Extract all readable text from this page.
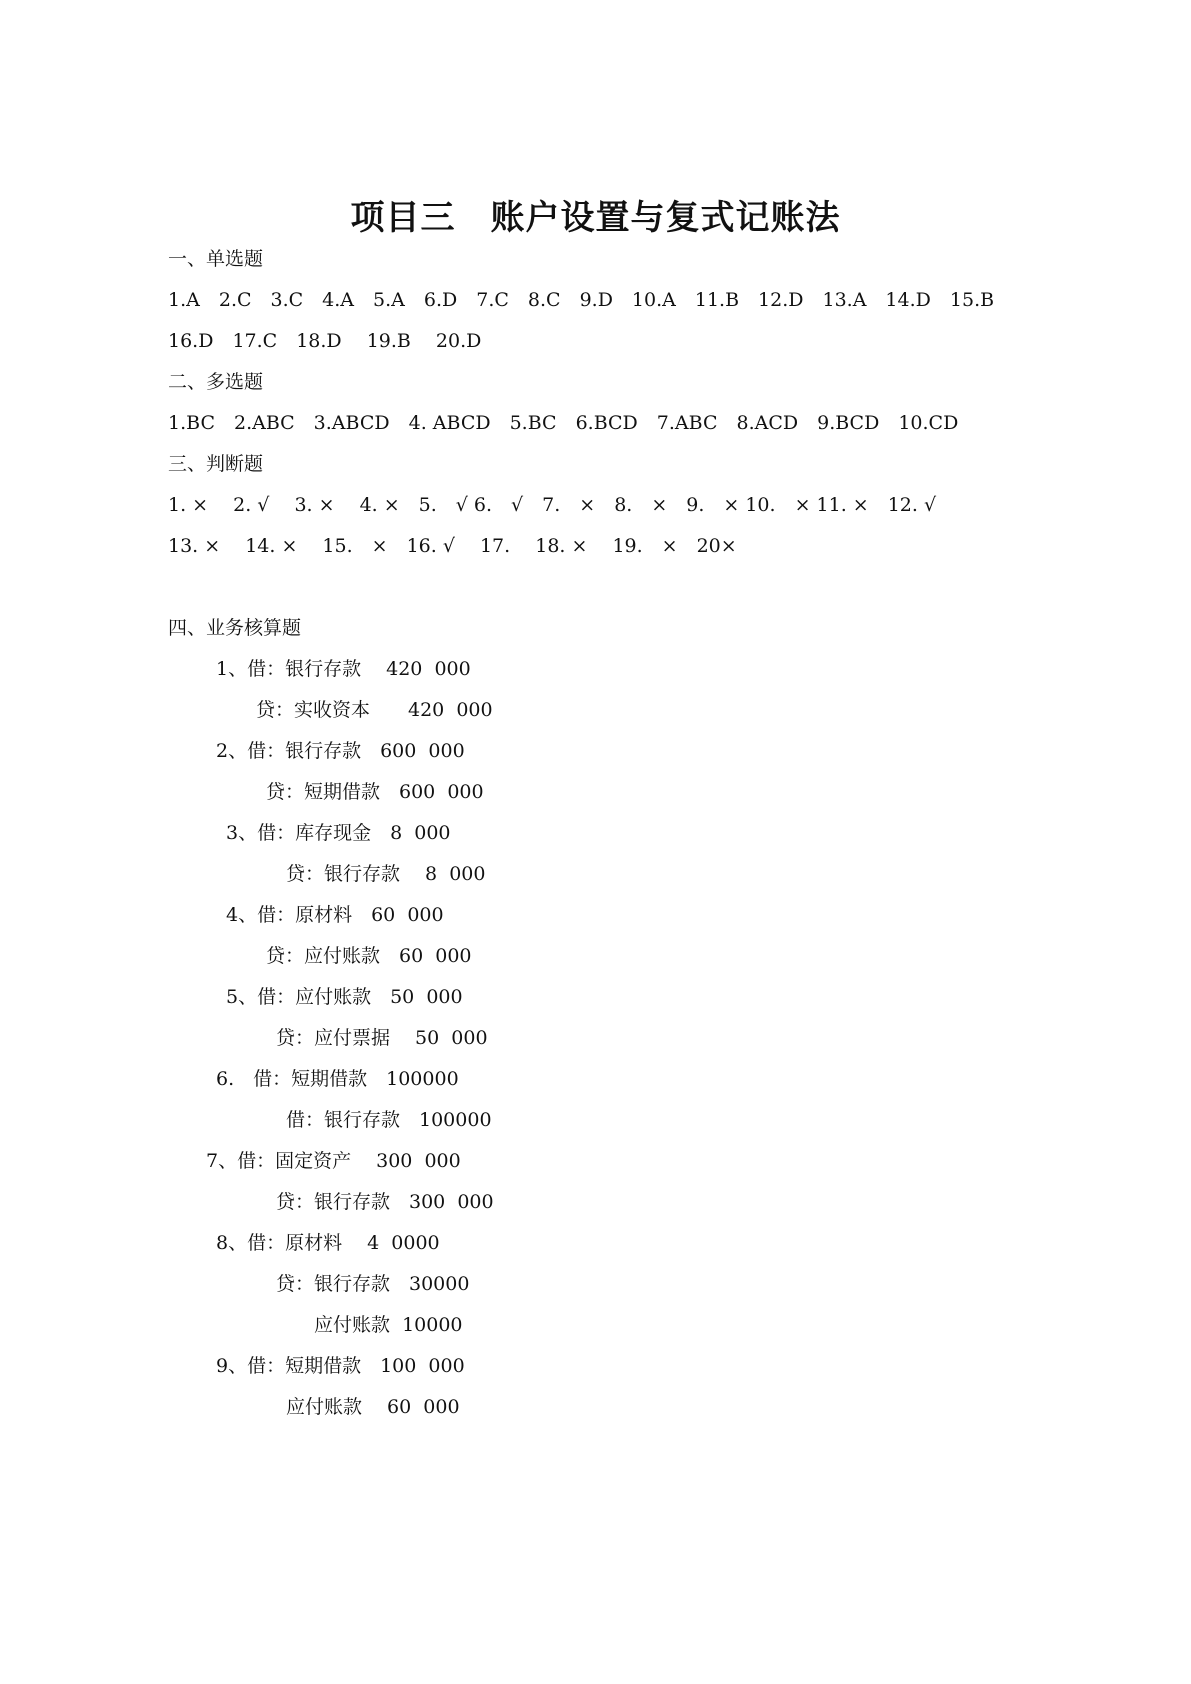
项目三　账户设置与复式记账法

一、单选题

1.A　2.C　3.C　4.A　5.A　6.D　7.C　8.C　9.D　10.A　11.B　12.D　13.A　14.D　15.B

16.D　17.C　18.D　 19.B　 20.D

二、多选题

1.BC　2.ABC　3.ABCD　4. ABCD　5.BC　6.BCD　7.ABC　8.ACD　9.BCD　10.CD

三、判断题

1. ×　 2. √　 3. ×　 4. ×　5.　√ 6.　√　7.　×　8.　×　9.　× 10.　× 11. ×　12. √

13. ×　 14. ×　 15.　×　16. √　 17.　 18. ×　 19.　×　20×

四、业务核算题

1、借：银行存款　 420  000

贷：实收资本　　420  000

2、借：银行存款　600  000

贷：短期借款　600  000

3、借：库存现金　8  000

贷：银行存款　 8  000

4、借：原材料　60  000

贷：应付账款　60  000

5、借：应付账款　50  000

贷：应付票据　 50  000

6.　借：短期借款　100000

借：银行存款　100000

7、借：固定资产　 300  000

贷：银行存款　300  000

8、借：原材料　 4  0000

贷：银行存款　30000

应付账款  10000

9、借：短期借款　100  000

应付账款　 60  000
